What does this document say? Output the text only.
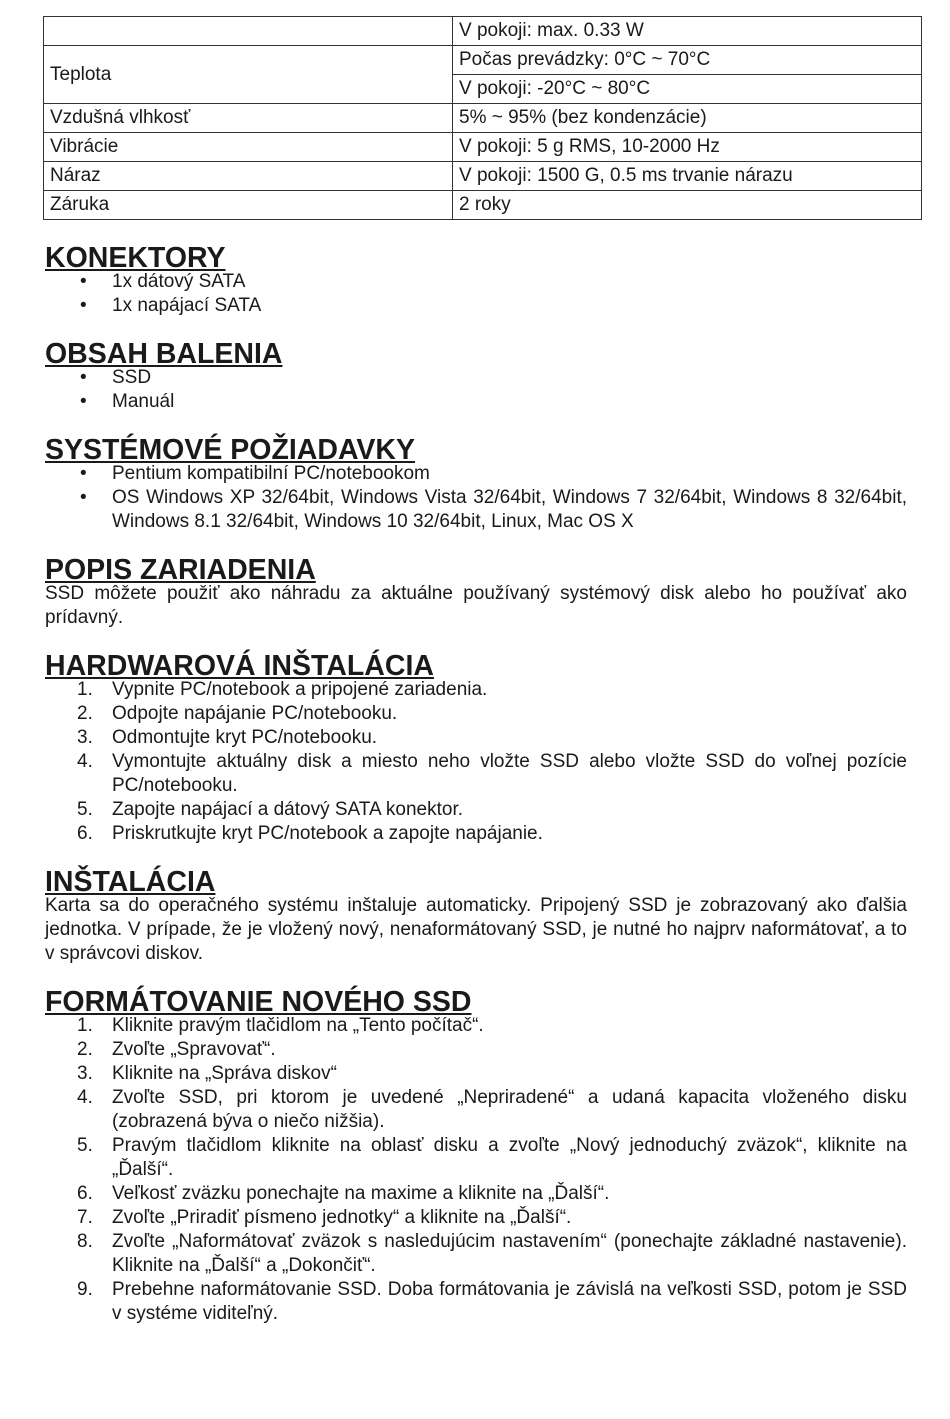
	V pokoji: max. 0.33 W
Teplota	Počas prevádzky: 0°C ~ 70°C
	V pokoji: -20°C ~ 80°C
Vzdušná vlhkosť	5% ~ 95% (bez kondenzácie)
Vibrácie	V pokoji: 5 g RMS, 10-2000 Hz
Náraz	V pokoji: 1500 G, 0.5 ms trvanie nárazu
Záruka	2 roky
KONEKTORY
• 1x dátový SATA
• 1x napájací SATA
OBSAH BALENIA
• SSD
• Manuál
SYSTÉMOVÉ POŽIADAVKY
• Pentium kompatibilní PC/notebookom
• OS Windows XP 32/64bit, Windows Vista 32/64bit, Windows 7 32/64bit, Windows 8 32/64bit, Windows 8.1 32/64bit, Windows 10 32/64bit, Linux, Mac OS X
POPIS ZARIADENIA

SSD môžete použiť ako náhradu za aktuálne používaný systémový disk alebo ho používať ako prídavný.

HARDWAROVÁ INŠTALÁCIA
1. Vypnite PC/notebook a pripojené zariadenia.
2. Odpojte napájanie PC/notebooku.
3. Odmontujte kryt PC/notebooku.
4. Vymontujte aktuálny disk a miesto neho vložte SSD alebo vložte SSD do voľnej pozície PC/notebooku.
5. Zapojte napájací a dátový SATA konektor.
6. Priskrutkujte kryt PC/notebook a zapojte napájanie.
INŠTALÁCIA

Karta sa do operačného systému inštaluje automaticky. Pripojený SSD je zobrazovaný ako ďalšia jednotka. V prípade, že je vložený nový, nenaformátovaný SSD, je nutné ho najprv naformátovať, a to v správcovi diskov.

FORMÁTOVANIE NOVÉHO SSD
1. Kliknite pravým tlačidlom na „Tento počítač“.
2. Zvoľte „Spravovať“.
3. Kliknite na „Správa diskov“
4. Zvoľte SSD, pri ktorom je uvedené „Nepriradené“ a udaná kapacita vloženého disku (zobrazená býva o niečo nižšia).
5. Pravým tlačidlom kliknite na oblasť disku a zvoľte „Nový jednoduchý zväzok“, kliknite na „Ďalší“.
6. Veľkosť zväzku ponechajte na maxime a kliknite na „Ďalší“.
7. Zvoľte „Priradiť písmeno jednotky“ a kliknite na „Ďalší“.
8. Zvoľte „Naformátovať zväzok s nasledujúcim nastavením“ (ponechajte základné nastavenie). Kliknite na „Ďalší“ a „Dokončiť“.
9. Prebehne naformátovanie SSD. Doba formátovania je závislá na veľkosti SSD, potom je SSD v systéme viditeľný.
